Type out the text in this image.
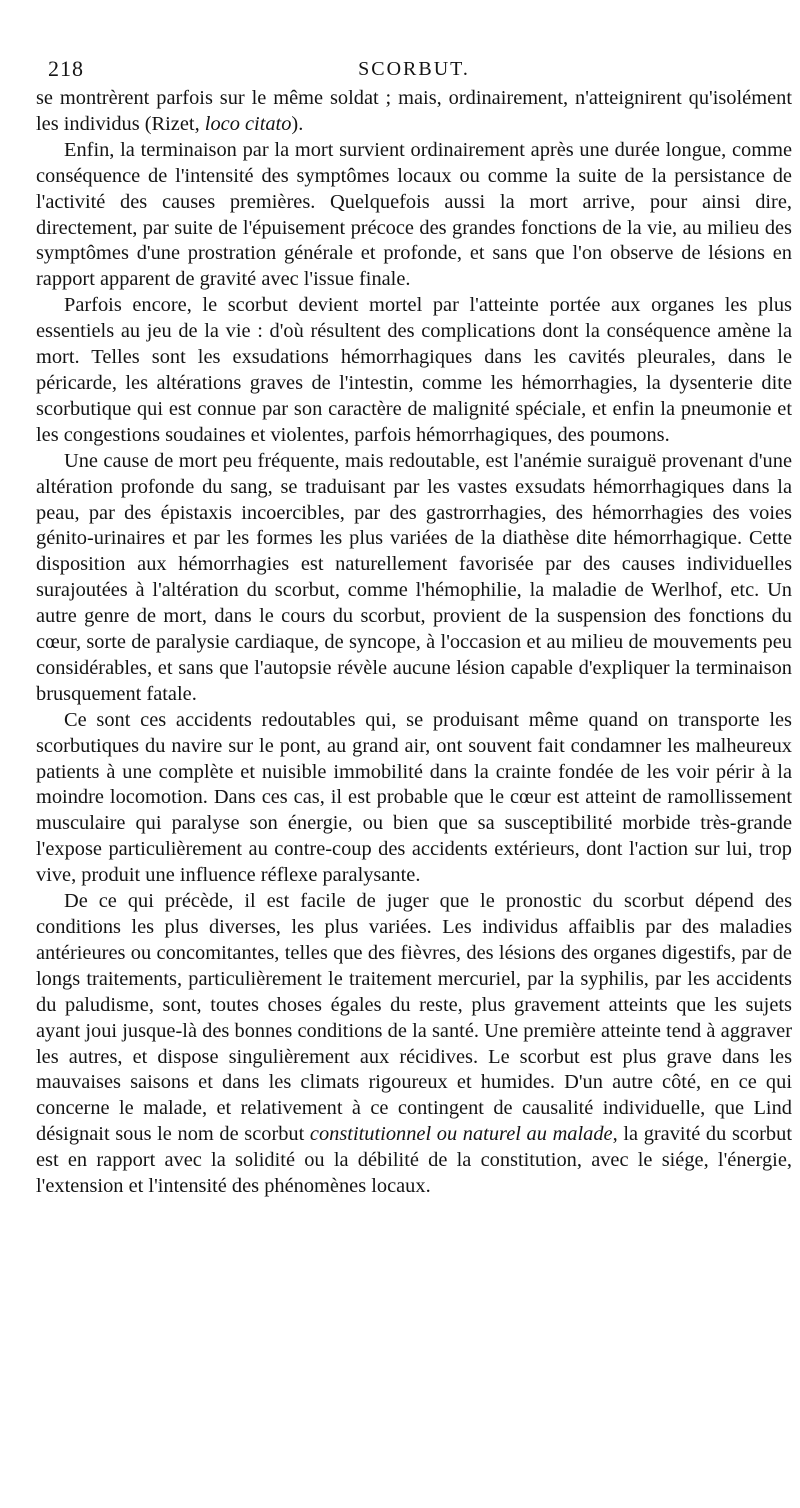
218	SCORBUT.

se montrèrent parfois sur le même soldat ; mais, ordinairement, n'atteignirent qu'isolément les individus (Rizet, loco citato).

Enfin, la terminaison par la mort survient ordinairement après une durée longue, comme conséquence de l'intensité des symptômes locaux ou comme la suite de la persistance de l'activité des causes premières. Quelquefois aussi la mort arrive, pour ainsi dire, directement, par suite de l'épuisement précoce des grandes fonctions de la vie, au milieu des symptômes d'une prostration générale et profonde, et sans que l'on observe de lésions en rapport apparent de gravité avec l'issue finale.

Parfois encore, le scorbut devient mortel par l'atteinte portée aux organes les plus essentiels au jeu de la vie : d'où résultent des complications dont la conséquence amène la mort. Telles sont les exsudations hémorrhagiques dans les cavités pleurales, dans le péricarde, les altérations graves de l'intestin, comme les hémorrhagies, la dysenterie dite scorbutique qui est connue par son caractère de malignité spéciale, et enfin la pneumonie et les congestions soudaines et violentes, parfois hémorrhagiques, des poumons.

Une cause de mort peu fréquente, mais redoutable, est l'anémie suraiguë provenant d'une altération profonde du sang, se traduisant par les vastes exsudats hémorrhagiques dans la peau, par des épistaxis incoercibles, par des gastrorrhagies, des hémorrhagies des voies génito-urinaires et par les formes les plus variées de la diathèse dite hémorrhagique. Cette disposition aux hémorrhagies est naturellement favorisée par des causes individuelles surajoutées à l'altération du scorbut, comme l'hémophilie, la maladie de Werlhof, etc. Un autre genre de mort, dans le cours du scorbut, provient de la suspension des fonctions du cœur, sorte de paralysie cardiaque, de syncope, à l'occasion et au milieu de mouvements peu considérables, et sans que l'autopsie révèle aucune lésion capable d'expliquer la terminaison brusquement fatale.

Ce sont ces accidents redoutables qui, se produisant même quand on transporte les scorbutiques du navire sur le pont, au grand air, ont souvent fait condamner les malheureux patients à une complète et nuisible immobilité dans la crainte fondée de les voir périr à la moindre locomotion. Dans ces cas, il est probable que le cœur est atteint de ramollissement musculaire qui paralyse son énergie, ou bien que sa susceptibilité morbide très-grande l'expose particulièrement au contre-coup des accidents extérieurs, dont l'action sur lui, trop vive, produit une influence réflexe paralysante.

De ce qui précède, il est facile de juger que le pronostic du scorbut dépend des conditions les plus diverses, les plus variées. Les individus affaiblis par des maladies antérieures ou concomitantes, telles que des fièvres, des lésions des organes digestifs, par de longs traitements, particulièrement le traitement mercuriel, par la syphilis, par les accidents du paludisme, sont, toutes choses égales du reste, plus gravement atteints que les sujets ayant joui jusque-là des bonnes conditions de la santé. Une première atteinte tend à aggraver les autres, et dispose singulièrement aux récidives. Le scorbut est plus grave dans les mauvaises saisons et dans les climats rigoureux et humides. D'un autre côté, en ce qui concerne le malade, et relativement à ce contingent de causalité individuelle, que Lind désignait sous le nom de scorbut constitutionnel ou naturel au malade, la gravité du scorbut est en rapport avec la solidité ou la débilité de la constitution, avec le siége, l'énergie, l'extension et l'intensité des phénomènes locaux.
